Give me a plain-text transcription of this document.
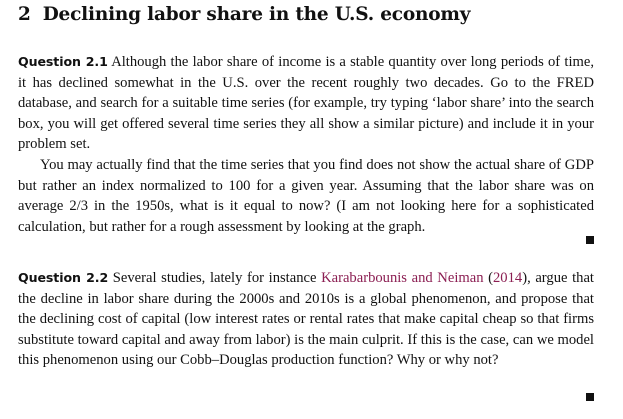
2 Declining labor share in the U.S. economy

Question 2.1 Although the labor share of income is a stable quantity over long periods of time, it has declined somewhat in the U.S. over the recent roughly two decades. Go to the FRED database, and search for a suitable time series (for example, try typing ‘labor share’ into the search box, you will get offered several time series they all show a similar picture) and include it in your problem set.

You may actually find that the time series that you find does not show the actual share of GDP but rather an index normalized to 100 for a given year. Assuming that the labor share was on average 2/3 in the 1950s, what is it equal to now? (I am not looking here for a sophisticated calculation, but rather for a rough assessment by looking at the graph.

Question 2.2 Several studies, lately for instance Karabarbounis and Neiman (2014), argue that the decline in labor share during the 2000s and 2010s is a global phenomenon, and propose that the declining cost of capital (low interest rates or rental rates that make capital cheap so that firms substitute toward capital and away from labor) is the main culprit. If this is the case, can we model this phenomenon using our Cobb–Douglas production function? Why or why not?
